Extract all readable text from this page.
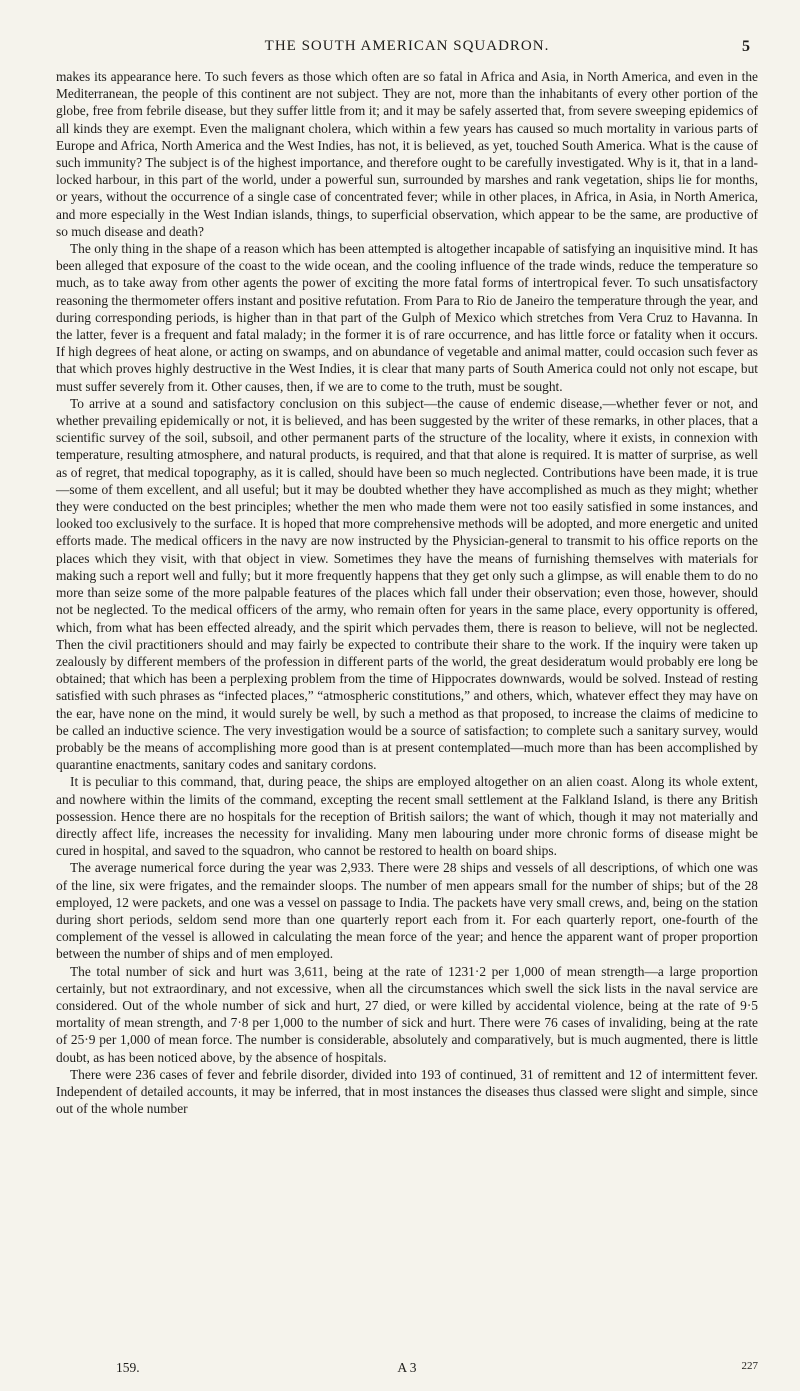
THE SOUTH AMERICAN SQUADRON.	5

makes its appearance here. To such fevers as those which often are so fatal in Africa and Asia, in North America, and even in the Mediterranean, the people of this continent are not subject. They are not, more than the inhabitants of every other portion of the globe, free from febrile disease, but they suffer little from it; and it may be safely asserted that, from severe sweeping epidemics of all kinds they are exempt. Even the malignant cholera, which within a few years has caused so much mortality in various parts of Europe and Africa, North America and the West Indies, has not, it is believed, as yet, touched South America. What is the cause of such immunity? The subject is of the highest importance, and therefore ought to be carefully investigated. Why is it, that in a land-locked harbour, in this part of the world, under a powerful sun, surrounded by marshes and rank vegetation, ships lie for months, or years, without the occurrence of a single case of concentrated fever; while in other places, in Africa, in Asia, in North America, and more especially in the West Indian islands, things, to superficial observation, which appear to be the same, are productive of so much disease and death?

The only thing in the shape of a reason which has been attempted is altogether incapable of satisfying an inquisitive mind. It has been alleged that exposure of the coast to the wide ocean, and the cooling influence of the trade winds, reduce the temperature so much, as to take away from other agents the power of exciting the more fatal forms of intertropical fever. To such unsatisfactory reasoning the thermometer offers instant and positive refutation. From Para to Rio de Janeiro the temperature through the year, and during corresponding periods, is higher than in that part of the Gulph of Mexico which stretches from Vera Cruz to Havanna. In the latter, fever is a frequent and fatal malady; in the former it is of rare occurrence, and has little force or fatality when it occurs. If high degrees of heat alone, or acting on swamps, and on abundance of vegetable and animal matter, could occasion such fever as that which proves highly destructive in the West Indies, it is clear that many parts of South America could not only not escape, but must suffer severely from it. Other causes, then, if we are to come to the truth, must be sought.

To arrive at a sound and satisfactory conclusion on this subject—the cause of endemic disease,—whether fever or not, and whether prevailing epidemically or not, it is believed, and has been suggested by the writer of these remarks, in other places, that a scientific survey of the soil, subsoil, and other permanent parts of the structure of the locality, where it exists, in connexion with temperature, resulting atmosphere, and natural products, is required, and that that alone is required. It is matter of surprise, as well as of regret, that medical topography, as it is called, should have been so much neglected. Contributions have been made, it is true—some of them excellent, and all useful; but it may be doubted whether they have accomplished as much as they might; whether they were conducted on the best principles; whether the men who made them were not too easily satisfied in some instances, and looked too exclusively to the surface. It is hoped that more comprehensive methods will be adopted, and more energetic and united efforts made. The medical officers in the navy are now instructed by the Physician-general to transmit to his office reports on the places which they visit, with that object in view. Sometimes they have the means of furnishing themselves with materials for making such a report well and fully; but it more frequently happens that they get only such a glimpse, as will enable them to do no more than seize some of the more palpable features of the places which fall under their observation; even those, however, should not be neglected. To the medical officers of the army, who remain often for years in the same place, every opportunity is offered, which, from what has been effected already, and the spirit which pervades them, there is reason to believe, will not be neglected. Then the civil practitioners should and may fairly be expected to contribute their share to the work. If the inquiry were taken up zealously by different members of the profession in different parts of the world, the great desideratum would probably ere long be obtained; that which has been a perplexing problem from the time of Hippocrates downwards, would be solved. Instead of resting satisfied with such phrases as “infected places,” “atmospheric constitutions,” and others, which, whatever effect they may have on the ear, have none on the mind, it would surely be well, by such a method as that proposed, to increase the claims of medicine to be called an inductive science. The very investigation would be a source of satisfaction; to complete such a sanitary survey, would probably be the means of accomplishing more good than is at present contemplated—much more than has been accomplished by quarantine enactments, sanitary codes and sanitary cordons.

It is peculiar to this command, that, during peace, the ships are employed altogether on an alien coast. Along its whole extent, and nowhere within the limits of the command, excepting the recent small settlement at the Falkland Island, is there any British possession. Hence there are no hospitals for the reception of British sailors; the want of which, though it may not materially and directly affect life, increases the necessity for invaliding. Many men labouring under more chronic forms of disease might be cured in hospital, and saved to the squadron, who cannot be restored to health on board ships.

The average numerical force during the year was 2,933. There were 28 ships and vessels of all descriptions, of which one was of the line, six were frigates, and the remainder sloops. The number of men appears small for the number of ships; but of the 28 employed, 12 were packets, and one was a vessel on passage to India. The packets have very small crews, and, being on the station during short periods, seldom send more than one quarterly report each from it. For each quarterly report, one-fourth of the complement of the vessel is allowed in calculating the mean force of the year; and hence the apparent want of proper proportion between the number of ships and of men employed.

The total number of sick and hurt was 3,611, being at the rate of 1231·2 per 1,000 of mean strength—a large proportion certainly, but not extraordinary, and not excessive, when all the circumstances which swell the sick lists in the naval service are considered. Out of the whole number of sick and hurt, 27 died, or were killed by accidental violence, being at the rate of 9·5 mortality of mean strength, and 7·8 per 1,000 to the number of sick and hurt. There were 76 cases of invaliding, being at the rate of 25·9 per 1,000 of mean force. The number is considerable, absolutely and comparatively, but is much augmented, there is little doubt, as has been noticed above, by the absence of hospitals.

There were 236 cases of fever and febrile disorder, divided into 193 of continued, 31 of remittent and 12 of intermittent fever. Independent of detailed accounts, it may be inferred, that in most instances the diseases thus classed were slight and simple, since out of the whole number

159.	A 3	227
